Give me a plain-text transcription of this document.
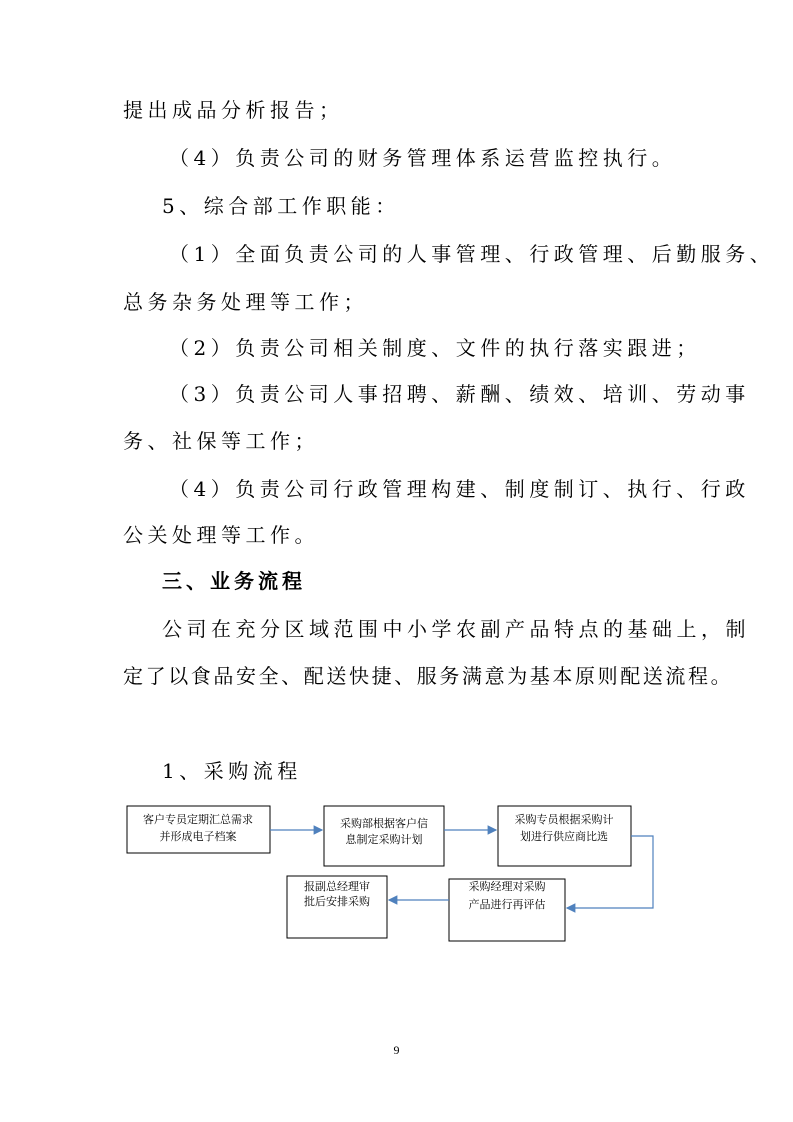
提出成品分析报告；
（4）负责公司的财务管理体系运营监控执行。
5、综合部工作职能：
（1）全面负责公司的人事管理、行政管理、后勤服务、
总务杂务处理等工作；
（2）负责公司相关制度、文件的执行落实跟进；
（3）负责公司人事招聘、薪酬、绩效、培训、劳动事
务、社保等工作；
（4）负责公司行政管理构建、制度制订、执行、行政
公关处理等工作。
三、业务流程
公司在充分区域范围中小学农副产品特点的基础上，制
定了以食品安全、配送快捷、服务满意为基本原则配送流程。
1、采购流程
客户专员定期汇总需求
并形成电子档案
采购部根据客户信
息制定采购计划
采购专员根据采购计
划进行供应商比选
采购经理对采购
产品进行再评估
报副总经理审
批后安排采购
9
